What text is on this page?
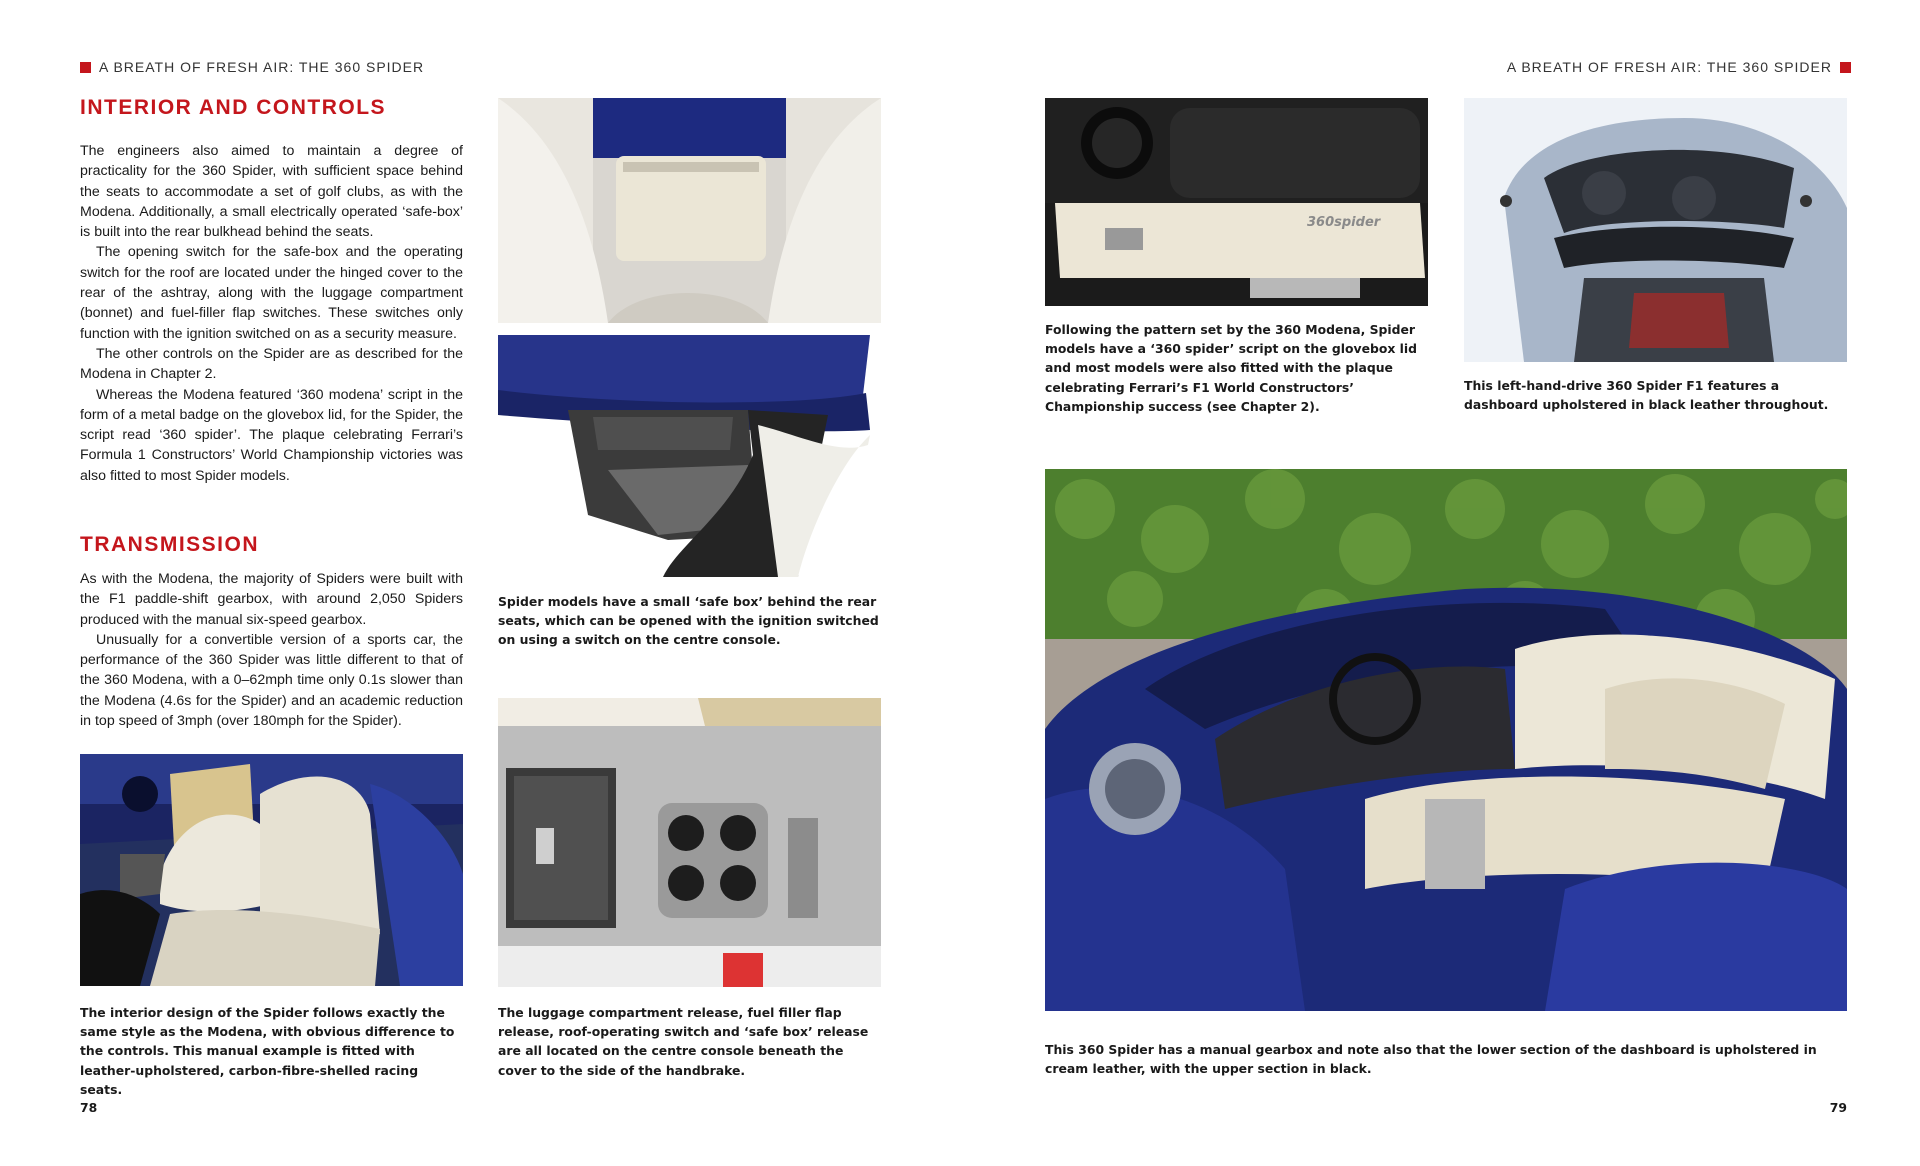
A BREATH OF FRESH AIR: THE 360 SPIDER	A BREATH OF FRESH AIR: THE 360 SPIDER
INTERIOR AND CONTROLS

The engineers also aimed to maintain a degree of practicality for the 360 Spider, with sufficient space behind the seats to accommodate a set of golf clubs, as with the Modena. Additionally, a small electrically operated ‘safe-box’ is built into the rear bulkhead behind the seats.

The opening switch for the safe-box and the operating switch for the roof are located under the hinged cover to the rear of the ashtray, along with the luggage compartment (bonnet) and fuel-filler flap switches. These switches only function with the ignition switched on as a security measure.

The other controls on the Spider are as described for the Modena in Chapter 2.

Whereas the Modena featured ‘360 modena’ script in the form of a metal badge on the glovebox lid, for the Spider, the script read ‘360 spider’. The plaque celebrating Ferrari’s Formula 1 Constructors’ World Championship victories was also fitted to most Spider models.

TRANSMISSION

As with the Modena, the majority of Spiders were built with the F1 paddle-shift gearbox, with around 2,050 Spiders produced with the manual six-speed gearbox.

Unusually for a convertible version of a sports car, the performance of the 360 Spider was little different to that of the 360 Modena, with a 0–62mph time only 0.1s slower than the Modena (4.6s for the Spider) and an academic reduction in top speed of 3mph (over 180mph for the Spider).

Spider models have a small ‘safe box’ behind the rear seats, which can be opened with the ignition switched on using a switch on the centre console.
The interior design of the Spider follows exactly the same style as the Modena, with obvious difference to the controls. This manual example is fitted with leather-upholstered, carbon-fibre-shelled racing seats.
The luggage compartment release, fuel filler flap release, roof-operating switch and ‘safe box’ release are all located on the centre console beneath the cover to the side of the handbrake.
78
360spider
Following the pattern set by the 360 Modena, Spider models have a ‘360 spider’ script on the glovebox lid and most models were also fitted with the plaque celebrating Ferrari’s F1 World Constructors’ Championship success (see Chapter 2).
This left-hand-drive 360 Spider F1 features a dashboard upholstered in black leather throughout.
This 360 Spider has a manual gearbox and note also that the lower section of the dashboard is upholstered in cream leather, with the upper section in black.
79
